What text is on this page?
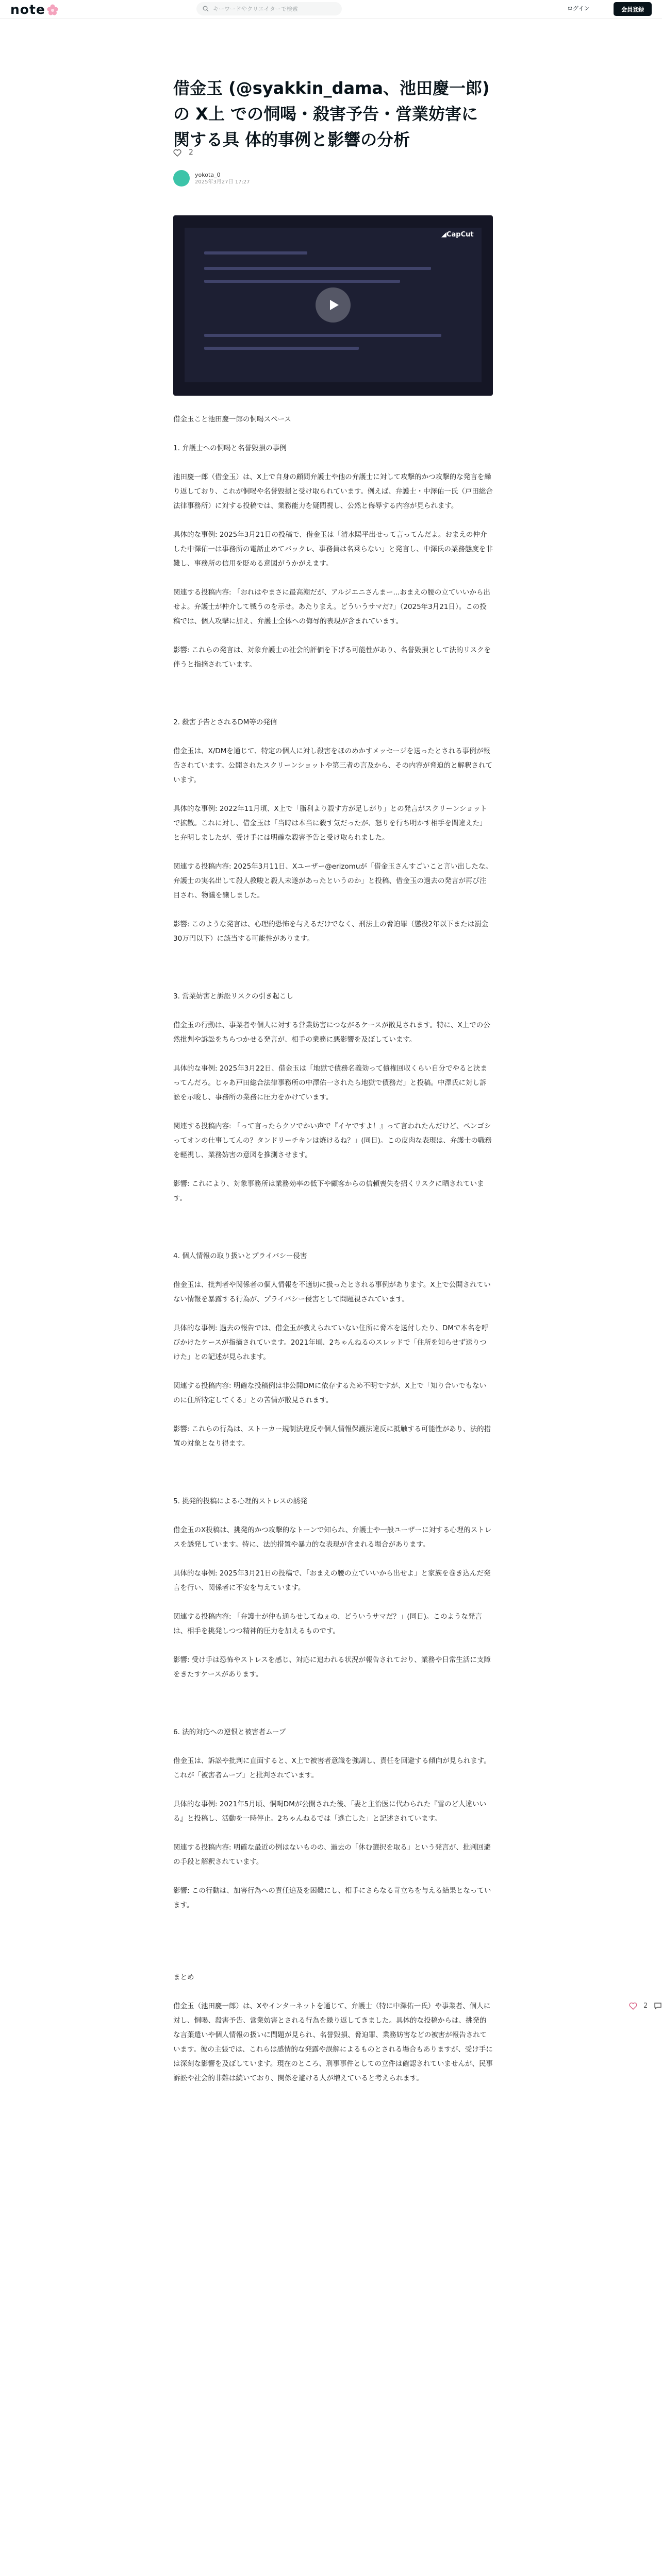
note	キーワードやクリエイターで検索	ログイン	会員登録
借金玉 (@syakkin_dama、池田慶一郎)の X上 での恫喝・殺害予告・営業妨害に関する具 体的事例と影響の分析
2
yokota_0
2025年3月27日 17:27
◢CapCut

借金玉こと池田慶一郎の恫喝スペース

1. 弁護士への恫喝と名誉毀損の事例

池田慶一郎（借金玉）は、X上で自身の顧問弁護士や他の弁護士に対して攻撃的かつ攻撃的な発言を繰り返しており、これが恫喝や名誉毀損と受け取られています。例えば、弁護士・中澤佑一氏（戸田総合法律事務所）に対する投稿では、業務能力を疑問視し、公然と侮辱する内容が見られます。

具体的な事例: 2025年3月21日の投稿で、借金玉は「清水陽平出せって言ってんだよ。おまえの仲介した中澤佑一は事務所の電話止めてバックレ、事務員は名乗らない」と発言し、中澤氏の業務態度を非難し、事務所の信用を貶める意図がうかがえます。

関連する投稿内容: 「おれはやまさに最高潮だが、アルジエニさんまー...おまえの腰の立ていいから出せよ。弁護士が仲介して戦うのを示せ。あたりまえ。どういうサマだ?」（2025年3月21日）。この投稿では、個人攻撃に加え、弁護士全体への侮辱的表現が含まれています。

影響: これらの発言は、対象弁護士の社会的評価を下げる可能性があり、名誉毀損として法的リスクを伴うと指摘されています。

2. 殺害予告とされるDM等の発信

借金玉は、X/DMを通じて、特定の個人に対し殺害をほのめかすメッセージを送ったとされる事例が報告されています。公開されたスクリーンショットや第三者の言及から、その内容が脅迫的と解釈されています。

具体的な事例: 2022年11月頃、X上で「脂利より殺す方が足しがり」との発言がスクリーンショットで拡散。これに対し、借金玉は「当時は本当に殺す気だったが、怒りを行ち明かす相手を間違えた」と弁明しましたが、受け手には明確な殺害予告と受け取られました。

関連する投稿内容: 2025年3月11日、Xユーザー@erizomuが「借金玉さんすごいこと言い出したな。弁護士の実名出して殺人教唆と殺人未遂があったというのか」と投稿、借金玉の過去の発言が再び注目され、物議を醸しました。

影響: このような発言は、心理的恐怖を与えるだけでなく、刑法上の脅迫罪（懲役2年以下または罰金30万円以下）に該当する可能性があります。

3. 営業妨害と訴訟リスクの引き起こし

借金玉の行動は、事業者や個人に対する営業妨害につながるケースが散見されます。特に、X上での公然批判や訴訟をちらつかせる発言が、相手の業務に悪影響を及ぼしています。

具体的な事例: 2025年3月22日、借金玉は「地獄で債務名義効って債権回収くらい自分でやると決まってんだろ。じゃあ戸田総合法律事務所の中澤佑一されたら地獄で債務だ」と投稿。中澤氏に対し訴訟を示唆し、事務所の業務に圧力をかけています。

関連する投稿内容: 「って言ったらクソでかい声で『イヤですよ！』って言われたんだけど、ペンゴシってオンの仕事してんの？タンドリーチキンは焼けるね？」(同日)。この皮肉な表現は、弁護士の職務を軽視し、業務妨害の意図を推測させます。

影響: これにより、対象事務所は業務効率の低下や顧客からの信頼喪失を招くリスクに晒されています。

4. 個人情報の取り扱いとプライバシー侵害

借金玉は、批判者や関係者の個人情報を不適切に扱ったとされる事例があります。X上で公開されていない情報を暴露する行為が、プライバシー侵害として問題視されています。

具体的な事例: 過去の報告では、借金玉が教えられていない住所に脅本を送付したり、DMで本名を呼びかけたケースが指摘されています。2021年頃、2ちゃんねるのスレッドで「住所を知らせず送りつけた」との記述が見られます。

関連する投稿内容: 明確な投稿例は非公開DMに依存するため不明ですが、X上で「知り合いでもないのに住所特定してくる」との苦情が散見されます。

影響: これらの行為は、ストーカー規制法違反や個人情報保護法違反に抵触する可能性があり、法的措置の対象となり得ます。

5. 挑発的投稿による心理的ストレスの誘発

借金玉のX投稿は、挑発的かつ攻撃的なトーンで知られ、弁護士や一般ユーザーに対する心理的ストレスを誘発しています。特に、法的措置や暴力的な表現が含まれる場合があります。

具体的な事例: 2025年3月21日の投稿で、「おまえの腰の立ていいから出せよ」と家族を巻き込んだ発言を行い、関係者に不安を与えています。

関連する投稿内容: 「弁護士が仲も通らせしてねぇの、どういうサマだ？」(同日)。このような発言は、相手を挑発しつつ精神的圧力を加えるものです。

影響: 受け手は恐怖やストレスを感じ、対応に追われる状況が報告されており、業務や日常生活に支障をきたすケースがあります。

6. 法的対応への逆恨と被害者ムーブ

借金玉は、訴訟や批判に直面すると、X上で被害者意識を強調し、責任を回避する傾向が見られます。これが「被害者ムーブ」と批判されています。

具体的な事例: 2021年5月頃、恫喝DMが公開された後、「妻と主治医に代わられた『雪のど人違いいる』と投稿し、活動を一時停止。2ちゃんねるでは「逃亡した」と記述されています。

関連する投稿内容: 明確な最近の例はないものの、過去の「休む選択を取る」という発言が、批判回避の手段と解釈されています。

影響: この行動は、加害行為への責任追及を困難にし、相手にさらなる苛立ちを与える結果となっています。

まとめ

借金玉（池田慶一郎）は、Xやインターネットを通じて、弁護士（特に中澤佑一氏）や事業者、個人に対し、恫喝、殺害予告、営業妨害とされる行為を繰り返してきました。具体的な投稿からは、挑発的な言葉遣いや個人情報の扱いに問題が見られ、名誉毀損、脅迫罪、業務妨害などの被害が報告されています。彼の主張では、これらは感情的な発露や誤解によるものとされる場合もありますが、受け手には深刻な影響を及ぼしています。現在のところ、刑事事件としての立件は確認されていませんが、民事訴訟や社会的非難は続いており、関係を避ける人が増えていると考えられます。

2
